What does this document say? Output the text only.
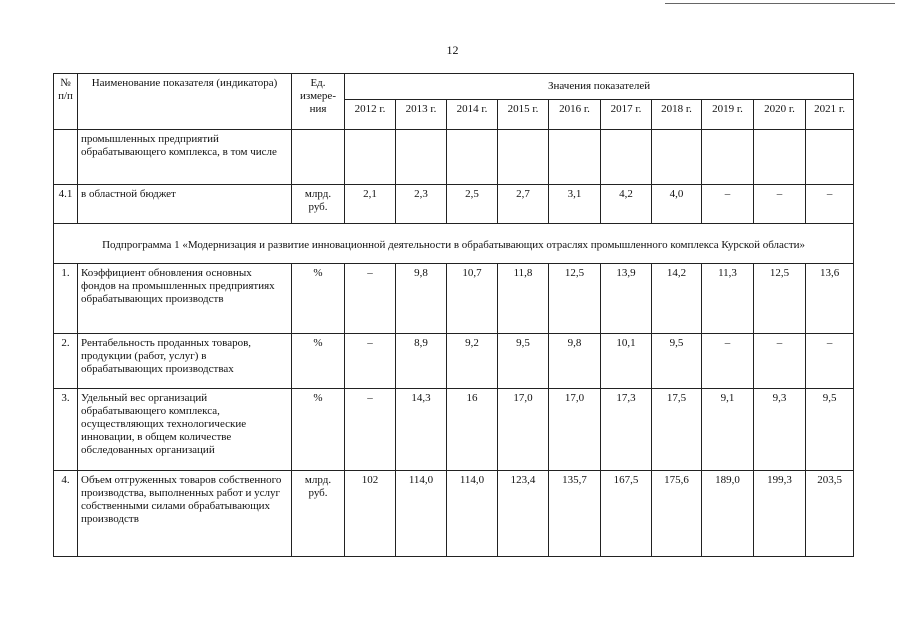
12
№ п/п	Наименование показателя (индикатора)	Ед. измере-ния	Значения показателей									
			2012 г.	2013 г.	2014 г.	2015 г.	2016 г.	2017 г.	2018 г.	2019 г.	2020 г.	2021 г.
	промышленных предприятий обрабатывающего комплекса, в том числе											
4.1	в областной бюджет	млрд. руб.	2,1	2,3	2,5	2,7	3,1	4,2	4,0	–	–	–
Подпрограмма 1 «Модернизация и развитие инновационной деятельности в обрабатывающих отраслях промышленного комплекса Курской области»												
1.	Коэффициент обновления основных фондов на промышленных предприятиях обрабатывающих производств	%	–	9,8	10,7	11,8	12,5	13,9	14,2	11,3	12,5	13,6
2.	Рентабельность проданных товаров, продукции (работ, услуг) в обрабатывающих производствах	%	–	8,9	9,2	9,5	9,8	10,1	9,5	–	–	–
3.	Удельный вес организаций обрабатывающего комплекса, осуществляющих технологические инновации, в общем количестве обследованных организаций	%	–	14,3	16	17,0	17,0	17,3	17,5	9,1	9,3	9,5
4.	Объем отгруженных товаров собственного производства, выполненных работ и услуг собственными силами обрабатывающих производств	млрд. руб.	102	114,0	114,0	123,4	135,7	167,5	175,6	189,0	199,3	203,5
